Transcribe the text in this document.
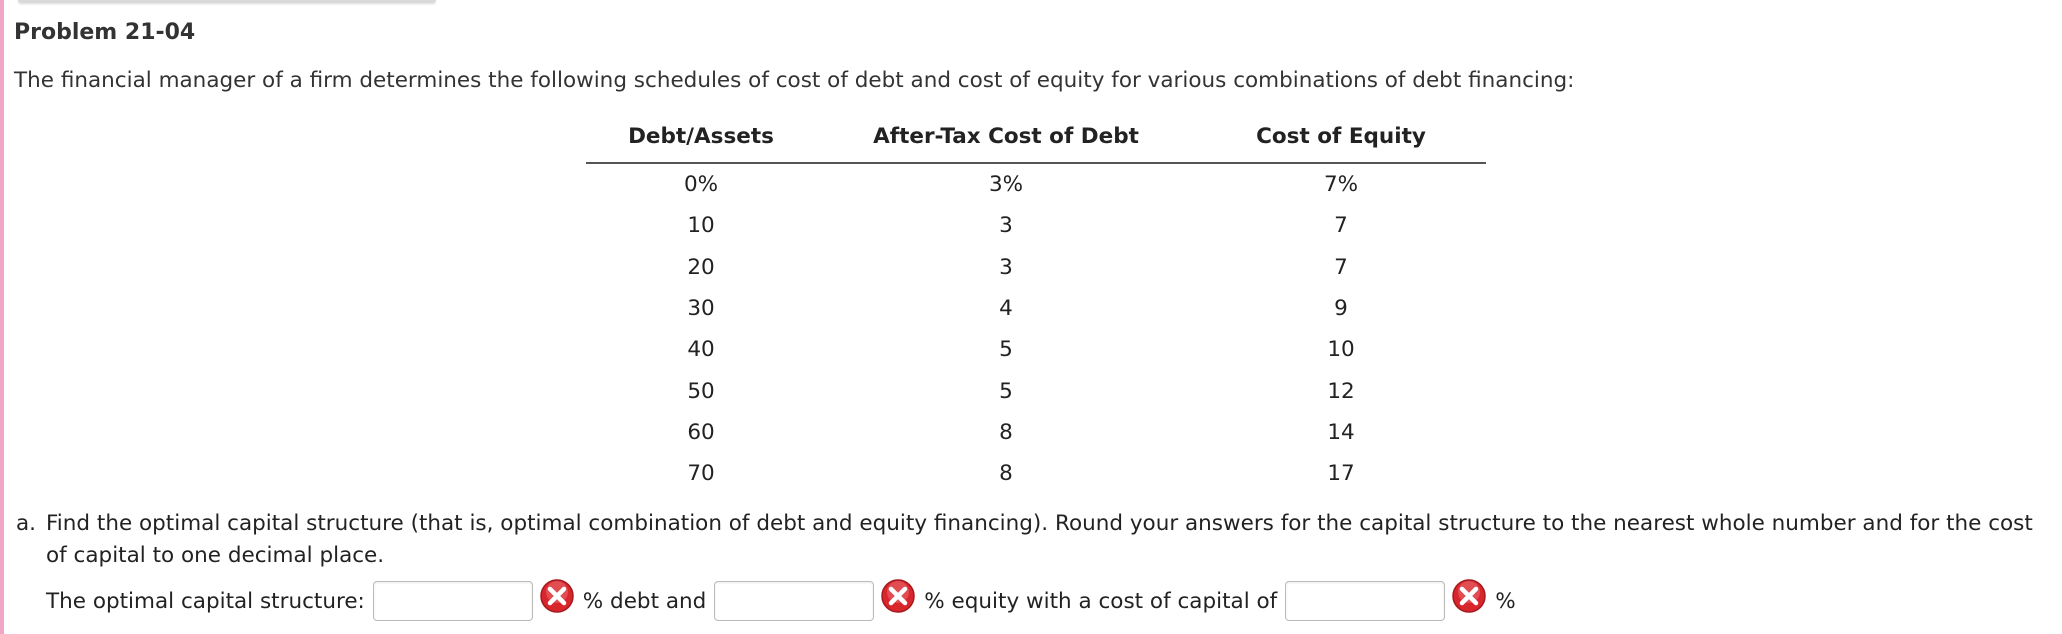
Problem 21-04
The financial manager of a firm determines the following schedules of cost of debt and cost of equity for various combinations of debt financing:
Debt/Assets	After-Tax Cost of Debt	Cost of Equity
0%	3%	7%
10	3	7
20	3	7
30	4	9
40	5	10
50	5	12
60	8	14
70	8	17
a. Find the optimal capital structure (that is, optimal combination of debt and equity financing). Round your answers for the capital structure to the nearest whole number and for the cost of capital to one decimal place.
The optimal capital structure:	% debt and	% equity with a cost of capital of	%
